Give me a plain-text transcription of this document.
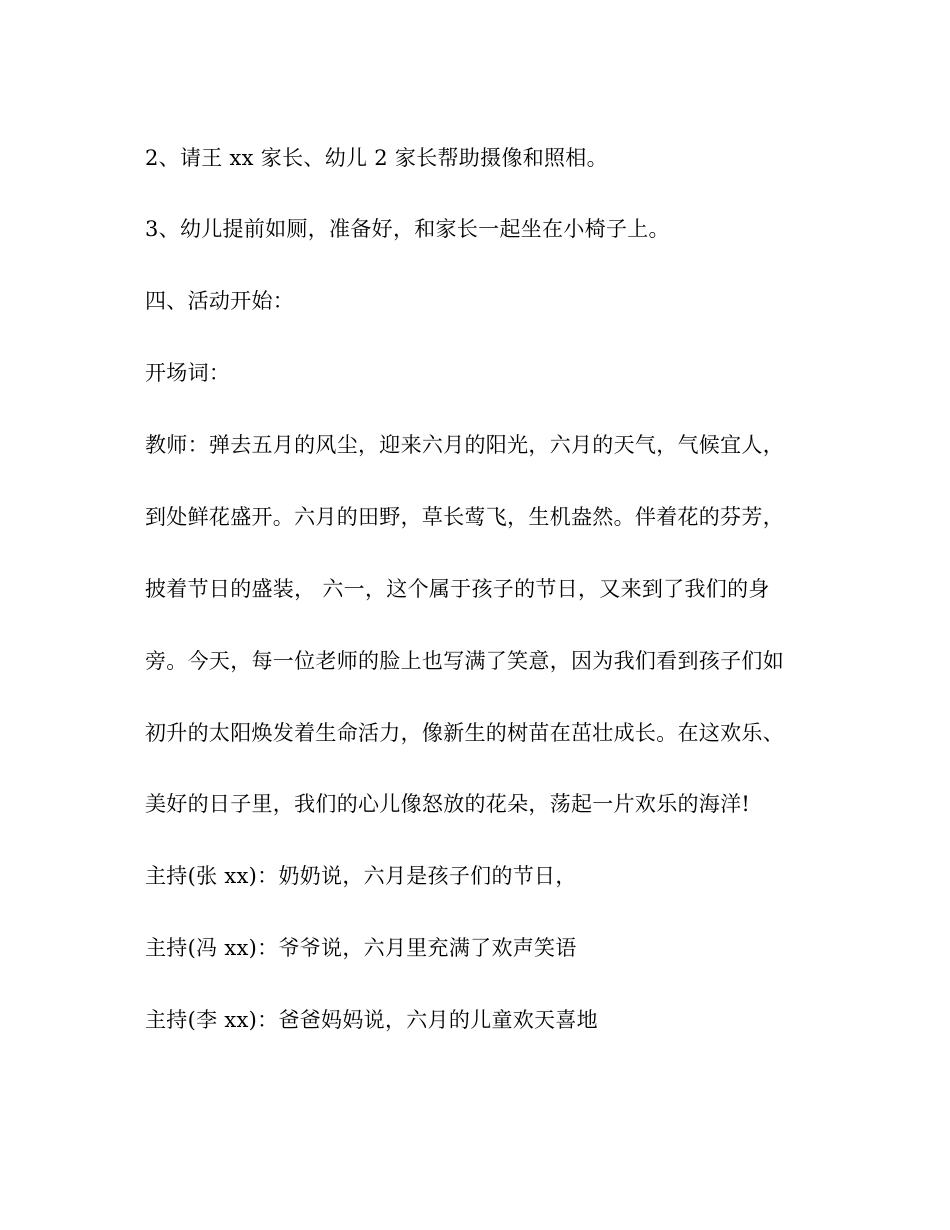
2、请王 xx 家长、幼儿 2 家长帮助摄像和照相。
3、幼儿提前如厕，准备好，和家长一起坐在小椅子上。
四、活动开始：
开场词：
教师：弹去五月的风尘，迎来六月的阳光，六月的天气，气候宜人，
到处鲜花盛开。六月的田野，草长莺飞，生机盎然。伴着花的芬芳，
披着节日的盛装， 六一，这个属于孩子的节日，又来到了我们的身
旁。今天，每一位老师的脸上也写满了笑意，因为我们看到孩子们如
初升的太阳焕发着生命活力，像新生的树苗在茁壮成长。在这欢乐、
美好的日子里，我们的心儿像怒放的花朵，荡起一片欢乐的海洋!
主持(张 xx)：奶奶说，六月是孩子们的节日，
主持(冯 xx)：爷爷说，六月里充满了欢声笑语
主持(李 xx)：爸爸妈妈说，六月的儿童欢天喜地
